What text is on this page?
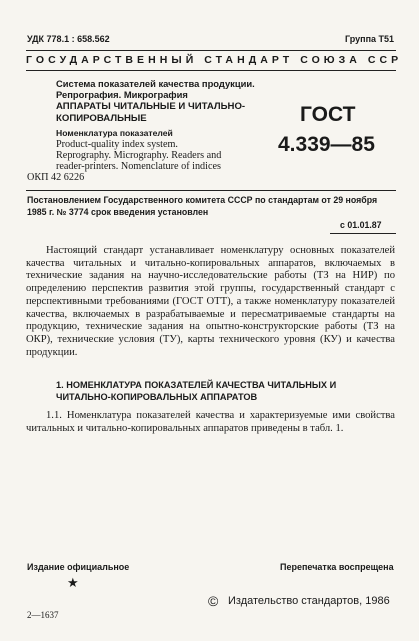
УДК 778.1 : 658.562	Группа Т51
ГОСУДАРСТВЕННЫЙ СТАНДАРТ СОЮЗА ССР
Система показателей качества продукции.
Репрография. Микрография
АППАРАТЫ ЧИТАЛЬНЫЕ И ЧИТАЛЬНО-
КОПИРОВАЛЬНЫЕ
Номенклатура показателей
Product-quality index system.
Reprography. Micrography. Readers and
reader-printers. Nomenclature of indices
ОКП 42 6226
ГОСТ
4.339—85
Постановлением Государственного комитета СССР по стандартам от 29 ноября
1985 г. № 3774 срок введения установлен
с 01.01.87

Настоящий стандарт устанавливает номенклатуру основных показателей качества читальных и читально-копировальных аппаратов, включаемых в технические задания на научно-исследовательские работы (ТЗ на НИР) по определению перспектив развития этой группы, государственный стандарт с перспективными требованиями (ГОСТ ОТТ), а также номенклатуру показателей качества, включаемых в разрабатываемые и пересматриваемые стандарты на продукцию, технические задания на опытно-конструкторские работы (ТЗ на ОКР), технические условия (ТУ), карты технического уровня (КУ) и качества продукции.

1. НОМЕНКЛАТУРА ПОКАЗАТЕЛЕЙ КАЧЕСТВА ЧИТАЛЬНЫХ И
ЧИТАЛЬНО-КОПИРОВАЛЬНЫХ АППАРАТОВ

1.1. Номенклатура показателей качества и характеризуемые ими свойства читальных и читально-копировальных аппаратов приведены в табл. 1.

Издание официальное
★
Перепечатка воспрещена
© Издательство стандартов, 1986
2—1637
